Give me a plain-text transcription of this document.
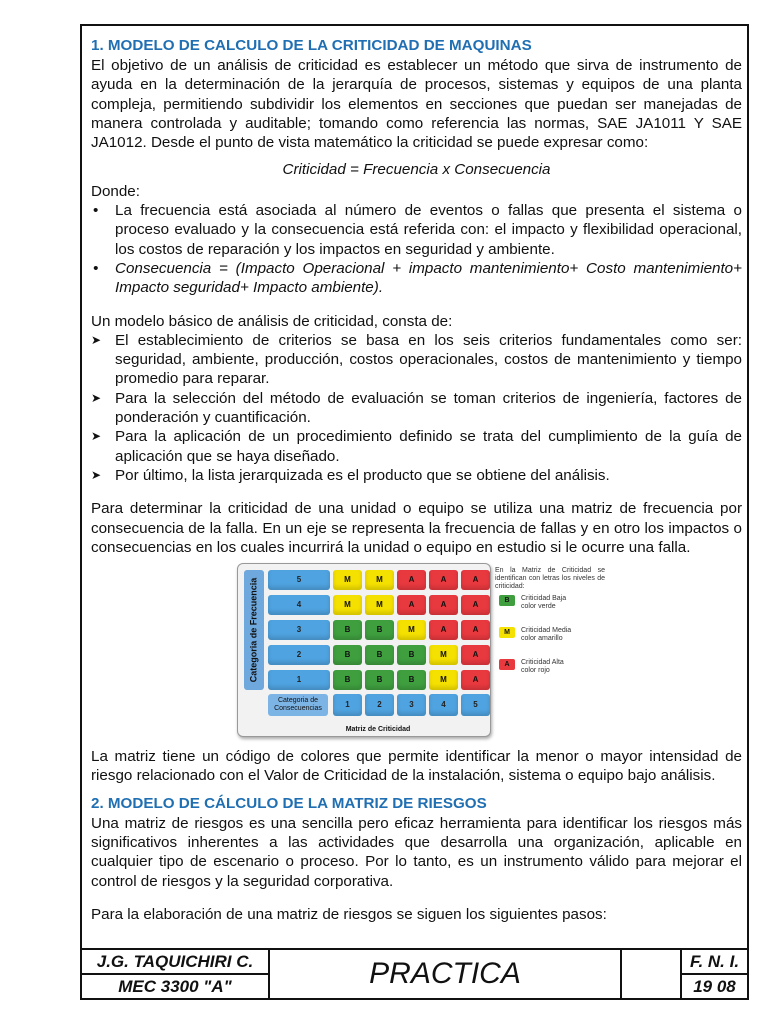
1. MODELO DE CALCULO DE LA CRITICIDAD DE MAQUINAS

El objetivo de un análisis de criticidad es establecer un método que sirva de instrumento de ayuda en la determinación de la jerarquía de procesos, sistemas y equipos de una planta compleja, permitiendo subdividir los elementos en secciones que puedan ser manejadas de manera controlada y auditable; tomando como referencia las normas, SAE JA1011 Y SAE JA1012. Desde el punto de vista matemático la criticidad se puede expresar como:

Criticidad = Frecuencia x Consecuencia

Donde:

• La frecuencia está asociada al número de eventos o fallas que presenta el sistema o proceso evaluado y la consecuencia está referida con: el impacto y flexibilidad operacional, los costos de reparación y los impactos en seguridad y ambiente.
• Consecuencia = (Impacto Operacional + impacto mantenimiento+ Costo mantenimiento+ Impacto seguridad+ Impacto ambiente).

Un modelo básico de análisis de criticidad, consta de:

➤ El establecimiento de criterios se basa en los seis criterios fundamentales como ser: seguridad, ambiente, producción, costos operacionales, costos de mantenimiento y tiempo promedio para reparar.
➤ Para la selección del método de evaluación se toman criterios de ingeniería, factores de ponderación y cuantificación.
➤ Para la aplicación de un procedimiento definido se trata del cumplimiento de la guía de aplicación que se haya diseñado.
➤ Por último, la lista jerarquizada es el producto que se obtiene del análisis.

Para determinar la criticidad de una unidad o equipo se utiliza una matriz de frecuencia por consecuencia de la falla. En un eje se representa la frecuencia de fallas y en otro los impactos o consecuencias en los cuales incurrirá la unidad o equipo en estudio si le ocurre una falla.

Categoria de Frecuencia
Categoria de Consecuencias
Matriz de Criticidad
5	M	M	A	A	A
4	M	M	A	A	A
3	B	B	M	A	A
2	B	B	B	M	A
1	B	B	B	M	A
1	2	3	4	5
En la Matriz de Criticidad se identifican con letras los niveles de criticidad:
B	Criticidad Baja
color verde
M	Criticidad Media
color amarillo
A	Criticidad Alta
color rojo

La matriz tiene un código de colores que permite identificar la menor o mayor intensidad de riesgo relacionado con el Valor de Criticidad de la instalación, sistema o equipo bajo análisis.

2. MODELO DE CÁLCULO DE LA MATRIZ DE RIESGOS

Una matriz de riesgos es una sencilla pero eficaz herramienta para identificar los riesgos más significativos inherentes a las actividades que desarrolla una organización, aplicable en cualquier tipo de escenario o proceso. Por lo tanto, es un instrumento válido para mejorar el control de riesgos y la seguridad corporativa.

Para la elaboración de una matriz de riesgos se siguen los siguientes pasos:

J.G. TAQUICHIRI C.
MEC 3300 "A"	PRACTICA	F. N. I.
19 08
